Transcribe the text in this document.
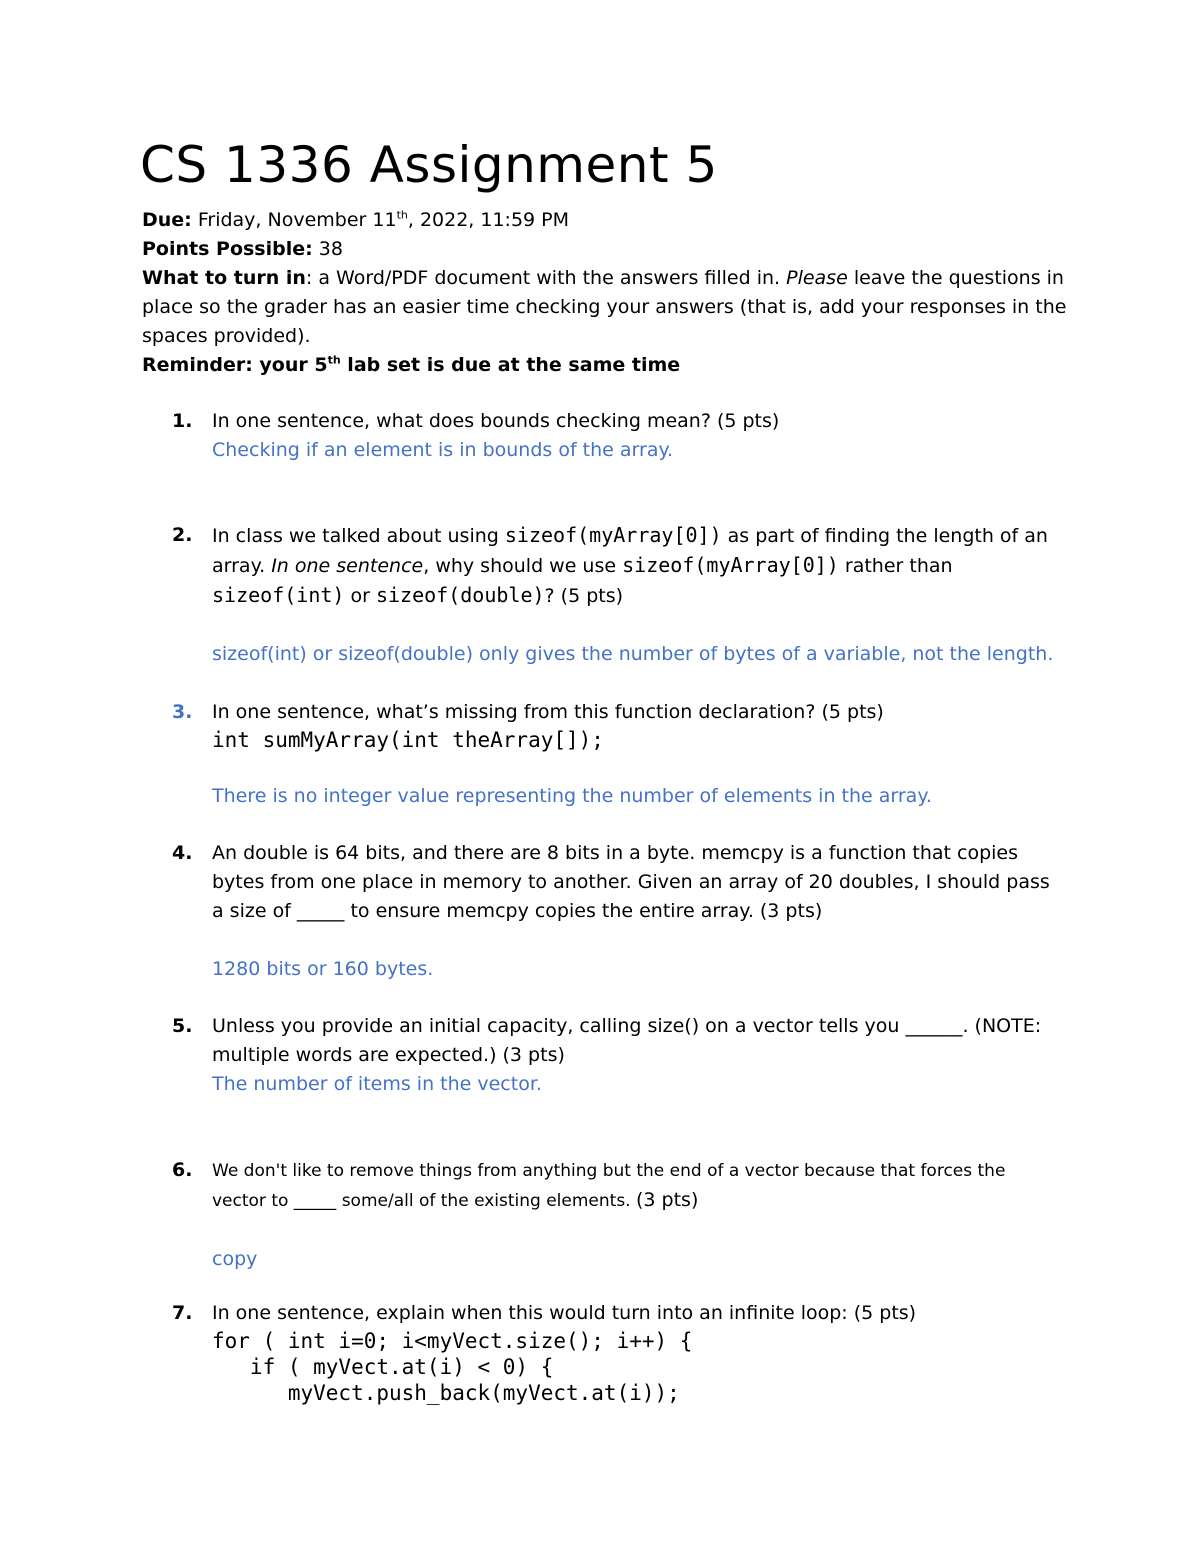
CS 1336 Assignment 5

Due: Friday, November 11th, 2022, 11:59 PM

Points Possible: 38

What to turn in: a Word/PDF document with the answers filled in. Please leave the questions in place so the grader has an easier time checking your answers (that is, add your responses in the spaces provided).

Reminder: your 5th lab set is due at the same time

1. In one sentence, what does bounds checking mean? (5 pts)
Checking if an element is in bounds of the array.
2. In class we talked about using sizeof(myArray[0]) as part of finding the length of an array. In one sentence, why should we use sizeof(myArray[0]) rather than
sizeof(int) or sizeof(double)? (5 pts)
sizeof(int) or sizeof(double) only gives the number of bytes of a variable, not the length.
3. In one sentence, what’s missing from this function declaration? (5 pts)
int sumMyArray(int theArray[]);
There is no integer value representing the number of elements in the array.
4. An double is 64 bits, and there are 8 bits in a byte. memcpy is a function that copies bytes from one place in memory to another. Given an array of 20 doubles, I should pass a size of _____ to ensure memcpy copies the entire array. (3 pts)
1280 bits or 160 bytes.
5. Unless you provide an initial capacity, calling size() on a vector tells you ______. (NOTE: multiple words are expected.) (3 pts)
The number of items in the vector.
6. We don't like to remove things from anything but the end of a vector because that forces the vector to _____ some/all of the existing elements. (3 pts)
copy
7. In one sentence, explain when this would turn into an infinite loop: (5 pts)
for ( int i=0; i<myVect.size(); i++) {
if ( myVect.at(i) < 0) {
myVect.push_back(myVect.at(i));
